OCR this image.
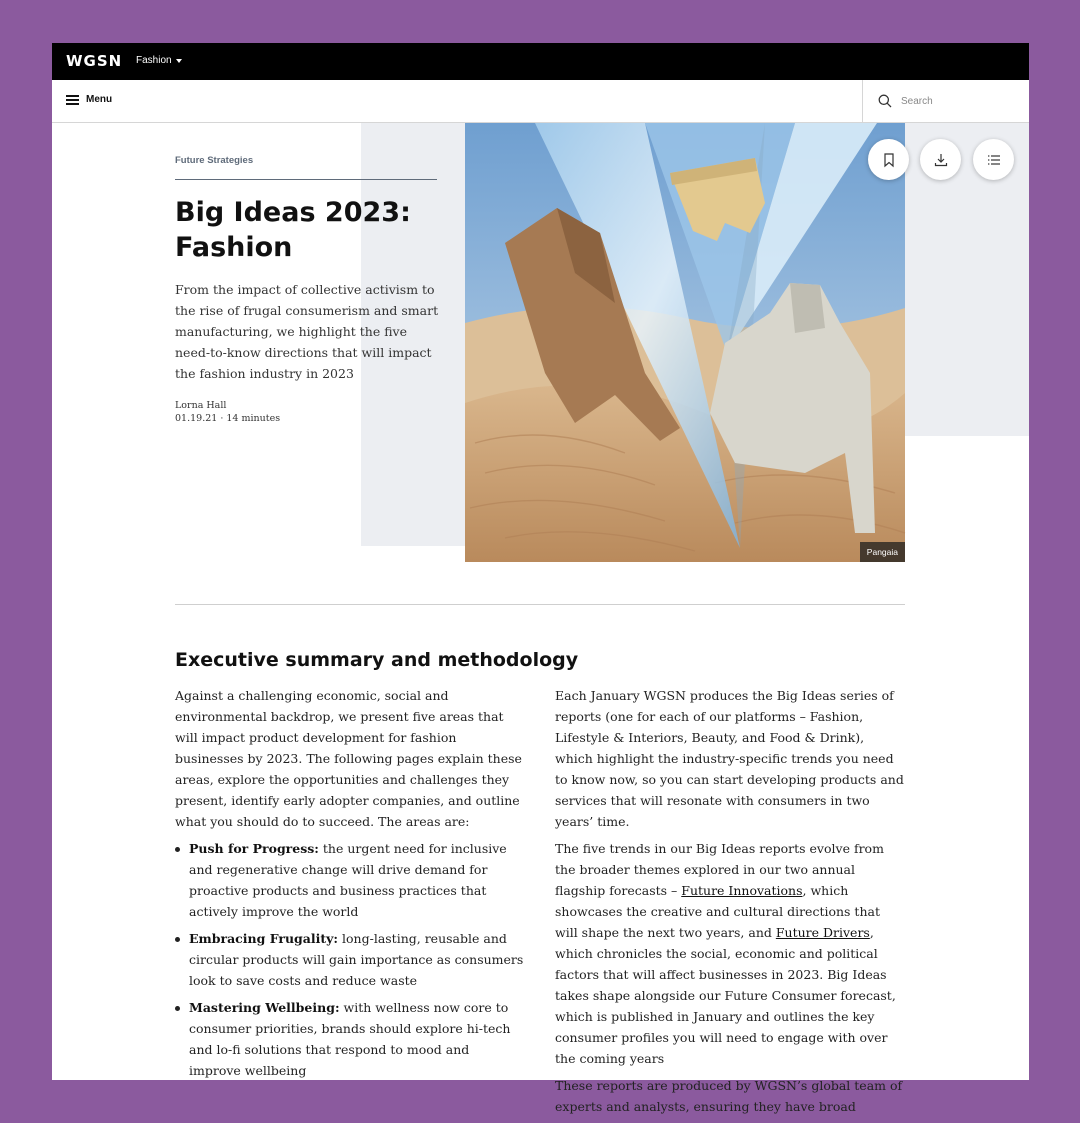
WGSN Fashion
Menu
Search
Future Strategies
Big Ideas 2023: Fashion

From the impact of collective activism to the rise of frugal consumerism and smart manufacturing, we highlight the five need-to-know directions that will impact the fashion industry in 2023

Lorna Hall
01.19.21 · 14 minutes
Pangaia
Executive summary and methodology

Against a challenging economic, social and environmental backdrop, we present five areas that will impact product development for fashion businesses by 2023. The following pages explain these areas, explore the opportunities and challenges they present, identify early adopter companies, and outline what you should do to succeed. The areas are:

Push for Progress: the urgent need for inclusive and regenerative change will drive demand for proactive products and business practices that actively improve the world
Embracing Frugality: long-lasting, reusable and circular products will gain importance as consumers look to save costs and reduce waste
Mastering Wellbeing: with wellness now core to consumer priorities, brands should explore hi-tech and lo-fi solutions that respond to mood and improve wellbeing

Each January WGSN produces the Big Ideas series of reports (one for each of our platforms – Fashion, Lifestyle & Interiors, Beauty, and Food & Drink), which highlight the industry-specific trends you need to know now, so you can start developing products and services that will resonate with consumers in two years’ time.

The five trends in our Big Ideas reports evolve from the broader themes explored in our two annual flagship forecasts – Future Innovations, which showcases the creative and cultural directions that will shape the next two years, and Future Drivers, which chronicles the social, economic and political factors that will affect businesses in 2023. Big Ideas takes shape alongside our Future Consumer forecast, which is published in January and outlines the key consumer profiles you will need to engage with over the coming years

These reports are produced by WGSN’s global team of experts and analysts, ensuring they have broad
